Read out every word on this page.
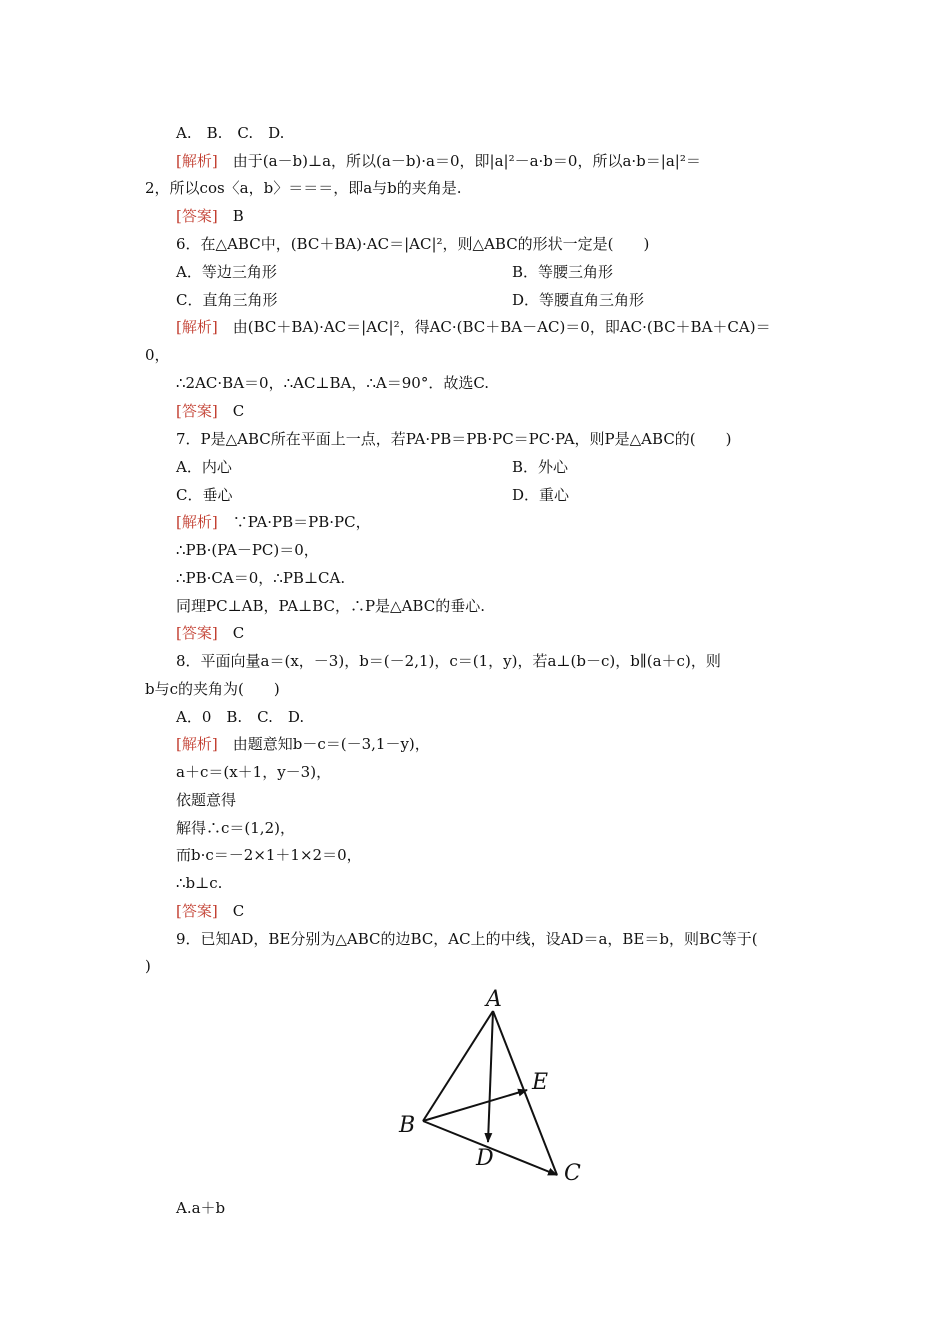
A.　B.　C.　D.
[解析]　 由于(a－b)⊥a，所以(a－b)·a＝0，即|a|²－a·b＝0，所以a·b＝|a|²＝
2，所以cos〈a，b〉＝＝＝，即a与b的夹角是.
[答案]　 B
6．在△ABC中，(BC＋BA)·AC＝|AC|²，则△ABC的形状一定是(　　)
A．等边三角形	B．等腰三角形
C．直角三角形	D．等腰直角三角形
[解析]　 由(BC＋BA)·AC＝|AC|²，得AC·(BC＋BA－AC)＝0，即AC·(BC＋BA＋CA)＝
0，
∴2AC·BA＝0，∴AC⊥BA，∴A＝90°．故选C.
[答案]　 C
7．P是△ABC所在平面上一点，若PA·PB＝PB·PC＝PC·PA，则P是△ABC的(　　)
A．内心	B．外心
C．垂心	D．重心
[解析]　 ∵PA·PB＝PB·PC，
∴PB·(PA－PC)＝0，
∴PB·CA＝0，∴PB⊥CA.
同理PC⊥AB，PA⊥BC，∴P是△ABC的垂心.
[答案]　 C
8．平面向量a＝(x，－3)，b＝(－2,1)，c＝(1，y)，若a⊥(b－c)，b∥(a＋c)，则
b与c的夹角为(　　)
A．0　B.　C.　D.
[解析]　 由题意知b－c＝(－3,1－y)，
a＋c＝(x＋1，y－3)，
依题意得
解得∴c＝(1,2)，
而b·c＝－2×1＋1×2＝0，
∴b⊥c.
[答案]　 C
9．已知AD，BE分别为△ABC的边BC，AC上的中线，设AD＝a，BE＝b，则BC等于(
)
A
B
C
D
E
A.a＋b
